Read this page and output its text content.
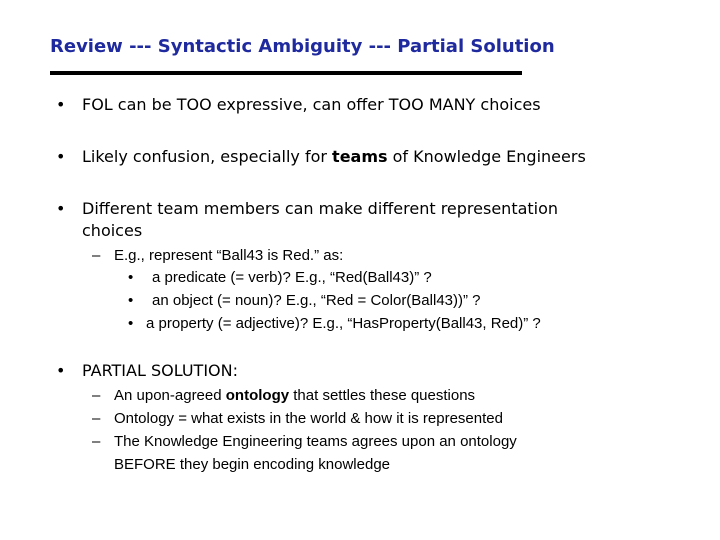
Review --- Syntactic Ambiguity --- Partial Solution
• FOL can be TOO expressive, can offer TOO MANY choices
• Likely confusion, especially for teams of Knowledge Engineers
• Different team members can make different representation
choices
– E.g., represent “Ball43 is Red.” as:
• a predicate (= verb)? E.g., “Red(Ball43)” ?
• an object (= noun)? E.g., “Red = Color(Ball43))” ?
• a property (= adjective)? E.g., “HasProperty(Ball43, Red)” ?
• PARTIAL SOLUTION:
– An upon-agreed ontology that settles these questions
– Ontology = what exists in the world & how it is represented
– The Knowledge Engineering teams agrees upon an ontology
BEFORE they begin encoding knowledge
